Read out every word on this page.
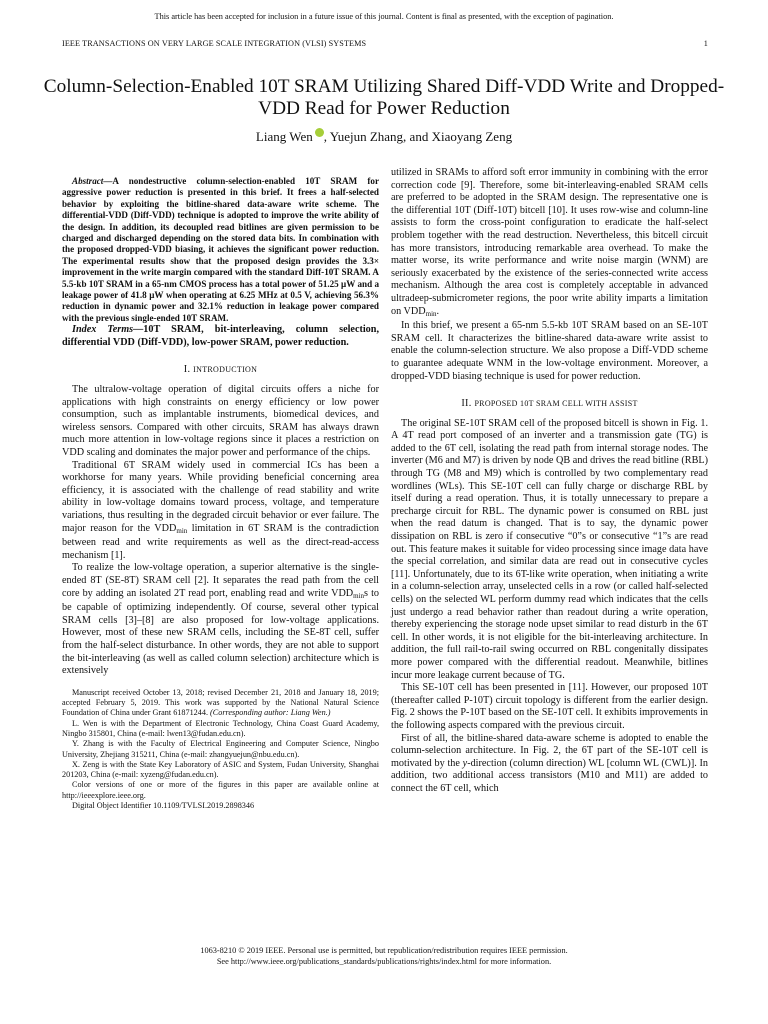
This article has been accepted for inclusion in a future issue of this journal. Content is final as presented, with the exception of pagination.
IEEE TRANSACTIONS ON VERY LARGE SCALE INTEGRATION (VLSI) SYSTEMS	1
Column-Selection-Enabled 10T SRAM Utilizing Shared Diff-VDD Write and Dropped-VDD Read for Power Reduction
Liang Wen , Yuejun Zhang, and Xiaoyang Zeng

Abstract—A nondestructive column-selection-enabled 10T SRAM for aggressive power reduction is presented in this brief. It frees a half-selected behavior by exploiting the bitline-shared data-aware write scheme. The differential-VDD (Diff-VDD) technique is adopted to improve the write ability of the design. In addition, its decoupled read bitlines are given permission to be charged and discharged depending on the stored data bits. In combination with the proposed dropped-VDD biasing, it achieves the significant power reduction. The experimental results show that the proposed design provides the 3.3× improvement in the write margin compared with the standard Diff-10T SRAM. A 5.5-kb 10T SRAM in a 65-nm CMOS process has a total power of 51.25 μW and a leakage power of 41.8 μW when operating at 6.25 MHz at 0.5 V, achieving 56.3% reduction in dynamic power and 32.1% reduction in leakage power compared with the previous single-ended 10T SRAM.

Index Terms—10T SRAM, bit-interleaving, column selection, differential VDD (Diff-VDD), low-power SRAM, power reduction.

I. INTRODUCTION

The ultralow-voltage operation of digital circuits offers a niche for applications with high constraints on energy efficiency or low power consumption, such as implantable instruments, biomedical devices, and wireless sensors. Compared with other circuits, SRAM has always drawn much more attention in low-voltage regions since it places a restriction on VDD scaling and dominates the major power and performance of the chips.

Traditional 6T SRAM widely used in commercial ICs has been a workhorse for many years. While providing beneficial concerning area efficiency, it is associated with the challenge of read stability and write ability in low-voltage domains toward process, voltage, and temperature variations, thus resulting in the degraded circuit behavior or ever failure. The major reason for the $VDD_{min}$ limitation in 6T SRAM is the contradiction between read and write requirements as well as the direct-read-access mechanism [1].

To realize the low-voltage operation, a superior alternative is the single-ended 8T (SE-8T) SRAM cell [2]. It separates the read path from the cell core by adding an isolated 2T read port, enabling read and write $VDD_{min}s$ to be capable of optimizing independently. Of course, several other typical SRAM cells [3]–[8] are also proposed for low-voltage applications. However, most of these new SRAM cells, including the SE-8T cell, suffer from the half-select disturbance. In other words, they are not able to support the bit-interleaving (as well as called column selection) architecture which is extensively

Manuscript received October 13, 2018; revised December 21, 2018 and January 18, 2019; accepted February 5, 2019. This work was supported by the National Natural Science Foundation of China under Grant 61871244. (Corresponding author: Liang Wen.)

L. Wen is with the Department of Electronic Technology, China Coast Guard Academy, Ningbo 315801, China (e-mail: lwen13@fudan.edu.cn).

Y. Zhang is with the Faculty of Electrical Engineering and Computer Science, Ningbo University, Zhejiang 315211, China (e-mail: zhangyuejun@nbu.edu.cn).

X. Zeng is with the State Key Laboratory of ASIC and System, Fudan University, Shanghai 201203, China (e-mail: xyzeng@fudan.edu.cn).

Color versions of one or more of the figures in this paper are available online at http://ieeexplore.ieee.org.

Digital Object Identifier 10.1109/TVLSI.2019.2898346

utilized in SRAMs to afford soft error immunity in combining with the error correction code [9]. Therefore, some bit-interleaving-enabled SRAM cells are preferred to be adopted in the SRAM design. The representative one is the differential 10T (Diff-10T) bitcell [10]. It uses row-wise and column-line assists to form the cross-point configuration to eradicate the half-select problem together with the read destruction. Nevertheless, this bitcell circuit has more transistors, introducing remarkable area overhead. To make the matter worse, its write performance and write noise margin (WNM) are seriously exacerbated by the existence of the series-connected write access mechanism. Although the area cost is completely acceptable in advanced ultradeep-submicrometer regions, the poor write ability imparts a limitation on $VDD_{min}$.

In this brief, we present a 65-nm 5.5-kb 10T SRAM based on an SE-10T SRAM cell. It characterizes the bitline-shared data-aware write assist to enable the column-selection structure. We also propose a Diff-VDD scheme to guarantee adequate WNM in the low-voltage environment. Moreover, a dropped-VDD biasing technique is used for power reduction.

II. PROPOSED 10T SRAM CELL WITH ASSIST

The original SE-10T SRAM cell of the proposed bitcell is shown in Fig. 1. A 4T read port composed of an inverter and a transmission gate (TG) is added to the 6T cell, isolating the read path from internal storage nodes. The inverter (M6 and M7) is driven by node QB and drives the read bitline (RBL) through TG (M8 and M9) which is controlled by two complementary read wordlines (WLs). This SE-10T cell can fully charge or discharge RBL by itself during a read operation. Thus, it is totally unnecessary to prepare a precharge circuit for RBL. The dynamic power is consumed on RBL just when the read datum is changed. That is to say, the dynamic power dissipation on RBL is zero if consecutive “0”s or consecutive “1”s are read out. This feature makes it suitable for video processing since image data have the special correlation, and similar data are read out in consecutive cycles [11]. Unfortunately, due to its 6T-like write operation, when initiating a write in a column-selection array, unselected cells in a row (or called half-selected cells) on the selected WL perform dummy read which indicates that the cells just undergo a read behavior rather than readout during a write operation, thereby experiencing the storage node upset similar to read disturb in the 6T cell. In other words, it is not eligible for the bit-interleaving architecture. In addition, the full rail-to-rail swing occurred on RBL congenitally dissipates more power compared with the differential readout. Meanwhile, bitlines incur more leakage current because of TG.

This SE-10T cell has been presented in [11]. However, our proposed 10T (thereafter called P-10T) circuit topology is different from the earlier design. Fig. 2 shows the P-10T based on the SE-10T cell. It exhibits improvements in the following aspects compared with the previous circuit.

First of all, the bitline-shared data-aware scheme is adopted to enable the column-selection architecture. In Fig. 2, the 6T part of the SE-10T cell is motivated by the y-direction (column direction) WL [column WL (CWL)]. In addition, two additional access transistors (M10 and M11) are added to connect the 6T cell, which

1063-8210 © 2019 IEEE. Personal use is permitted, but republication/redistribution requires IEEE permission.
See http://www.ieee.org/publications_standards/publications/rights/index.html for more information.
